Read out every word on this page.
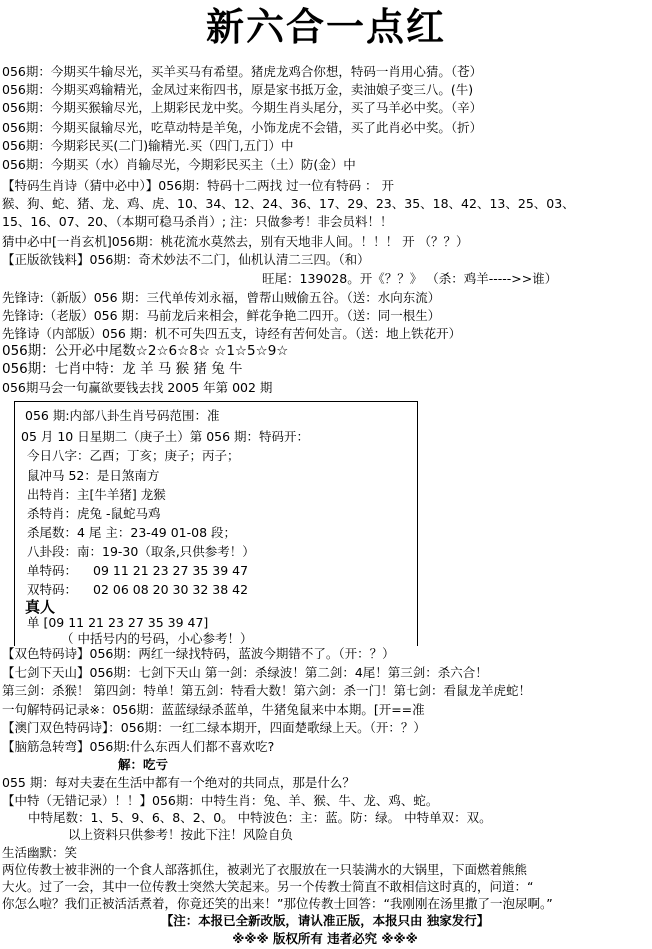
新六合一点红
056期：今期买牛输尽光，买羊买马有希望。猪虎龙鸡合你想，特码一肖用心猜。（苍）
056期：今期买鸡输精光，金凤过来衔四书，原是家书抵万金，卖油娘子变三八。(牛)
056期：今期买猴输尽光，上期彩民龙中奖。今期生肖头尾分，买了马羊必中奖。（辛）
056期：今期买鼠输尽光，吃草动特是羊兔，小饰龙虎不会错，买了此肖必中奖。（折）
056期：今期彩民买(二门)输精光.买（四门,五门）中
056期：今期买（水）肖输尽光，今期彩民买主（土）防(金）中
【特码生肖诗（猜中必中）】056期：特码十二两找 过一位有特码 ： 开
猴、狗、蛇、猪、龙、鸡、虎、10、34、12、24、36、17、29、23、35、18、42、13、25、03、
15、16、07、20、（本期可稳马杀肖）; 注：只做参考！非会员料！！
猜中必中[一肖玄机]056期：桃花流水莫然去，别有天地非人间。！！！ 开 （？？）
【正版欲钱料】056期：奇术妙法不二门，仙机认清二三四。（和）
旺尾：139028。开《？？》 （杀：鸡羊----->>谁）
先锋诗:（新版）056 期：三代单传刘永福，曾帮山贼偷五谷。（送：水向东流）
先锋诗:（老版）056 期：马前龙后来相会，鲜花争艳二四开。（送：同一根生）
先锋诗（内部版）056 期：机不可失四五支，诗经有苦何处言。（送：地上铁花开）
056期：公开必中尾数☆2☆6☆8☆ ☆1☆5☆9☆
056期：七肖中特：龙 羊 马 猴 猪 兔 牛
056期马会一句赢欲要钱去找 2005 年第 002 期
056 期:内部八卦生肖号码范围：准
05 月 10 日星期二（庚子土）第 056 期：特码开：
今日八字：乙酉；丁亥；庚子；丙子；
鼠冲马 52：是日煞南方
出特肖：主[牛羊猪] 龙猴
杀特肖：虎兔 -鼠蛇马鸡
杀尾数：4 尾 主：23-49 01-08 段；
八卦段：南：19-30（取条,只供参考！）
单特码： 09 11 21 23 27 35 39 47
双特码： 02 06 08 20 30 32 38 42
真人
单 [09 11 21 23 27 35 39 47]
（ 中括号内的号码，小心参考！）
【双色特码诗】056期：两红一绿找特码，蓝波今期错不了。（开：？）
【七剑下天山】056期：七剑下天山 第一剑：杀绿波！第二剑：4尾！第三剑：杀六合！
第三剑：杀猴！ 第四剑：特单！第五剑：特看大数！第六剑：杀一门！第七剑：看鼠龙羊虎蛇！
一句解特码记录※：056期：蓝蓝绿绿杀蓝单，牛猪兔鼠来中本期。[开==准
【澳门双色特码诗】：056期：一红二绿本期开，四面楚歌绿上天。（开：？）
【脑筋急转弯】056期:什么东西人们都不喜欢吃?
解：吃亏
055 期：每对夫妻在生活中都有一个绝对的共同点，那是什么？
【中特（无错记录）！！】056期：中特生肖：兔、羊、猴、牛、龙、鸡、蛇。
中特尾数：1、5、9、6、8、2、0。 中特波色：主：蓝。防：绿。 中特单双：双。
以上资料只供参考！按此下注！风险自负
生活幽默：笑
两位传教士被非洲的一个食人部落抓住，被剥光了衣服放在一只装满水的大锅里，下面燃着熊熊
大火。过了一会，其中一位传教士突然大笑起来。另一个传教士简直不敢相信这时真的，问道：“
你怎么啦？我们正被活活煮着，你竟还笑的出来！”那位传教士回答：“我刚刚在汤里撒了一泡尿啊。”
【注：本报已全新改版，请认准正版，本报只由 独家发行】
※※※ 版权所有 违者必究 ※※※
